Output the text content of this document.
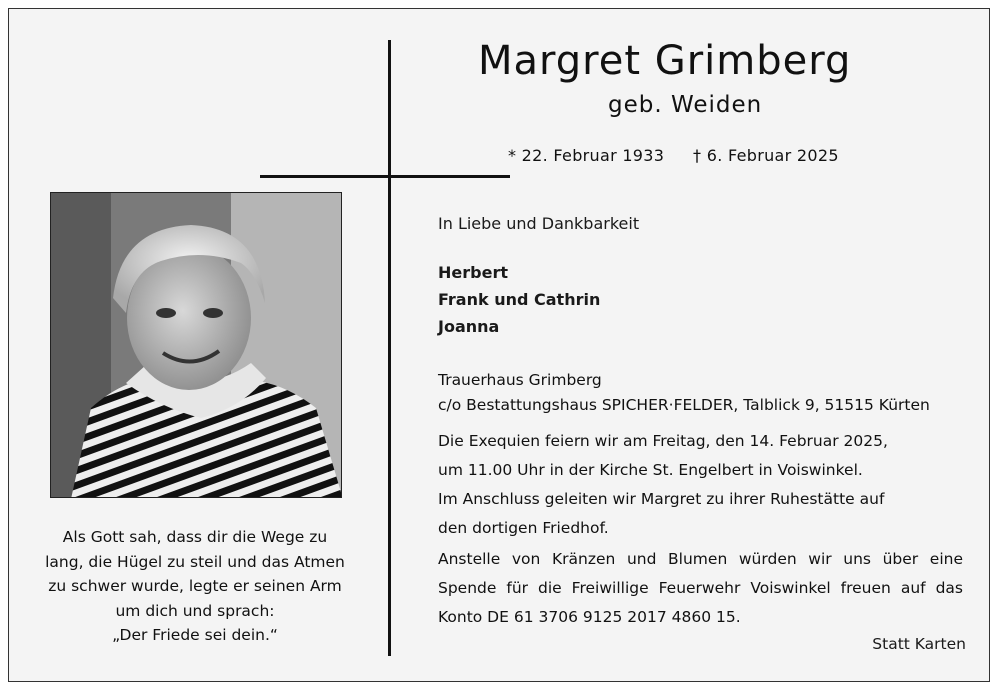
Margret Grimberg
geb. Weiden
* 22. Februar 1933 † 6. Februar 2025
Als Gott sah, dass dir die Wege zu
lang, die Hügel zu steil und das Atmen
zu schwer wurde, legte er seinen Arm
um dich und sprach:
„Der Friede sei dein.“
In Liebe und Dankbarkeit
Herbert
Frank und Cathrin
Joanna
Trauerhaus Grimberg
c/o Bestattungshaus SPICHER·FELDER, Talblick 9, 51515 Kürten
Die Exequien feiern wir am Freitag, den 14. Februar 2025,
um 11.00 Uhr in der Kirche St. Engelbert in Voiswinkel.
Im Anschluss geleiten wir Margret zu ihrer Ruhestätte auf
den dortigen Friedhof.
Anstelle von Kränzen und Blumen würden wir uns über eine
Spende für die Freiwillige Feuerwehr Voiswinkel freuen auf das
Konto DE 61 3706 9125 2017 4860 15.
Statt Karten
